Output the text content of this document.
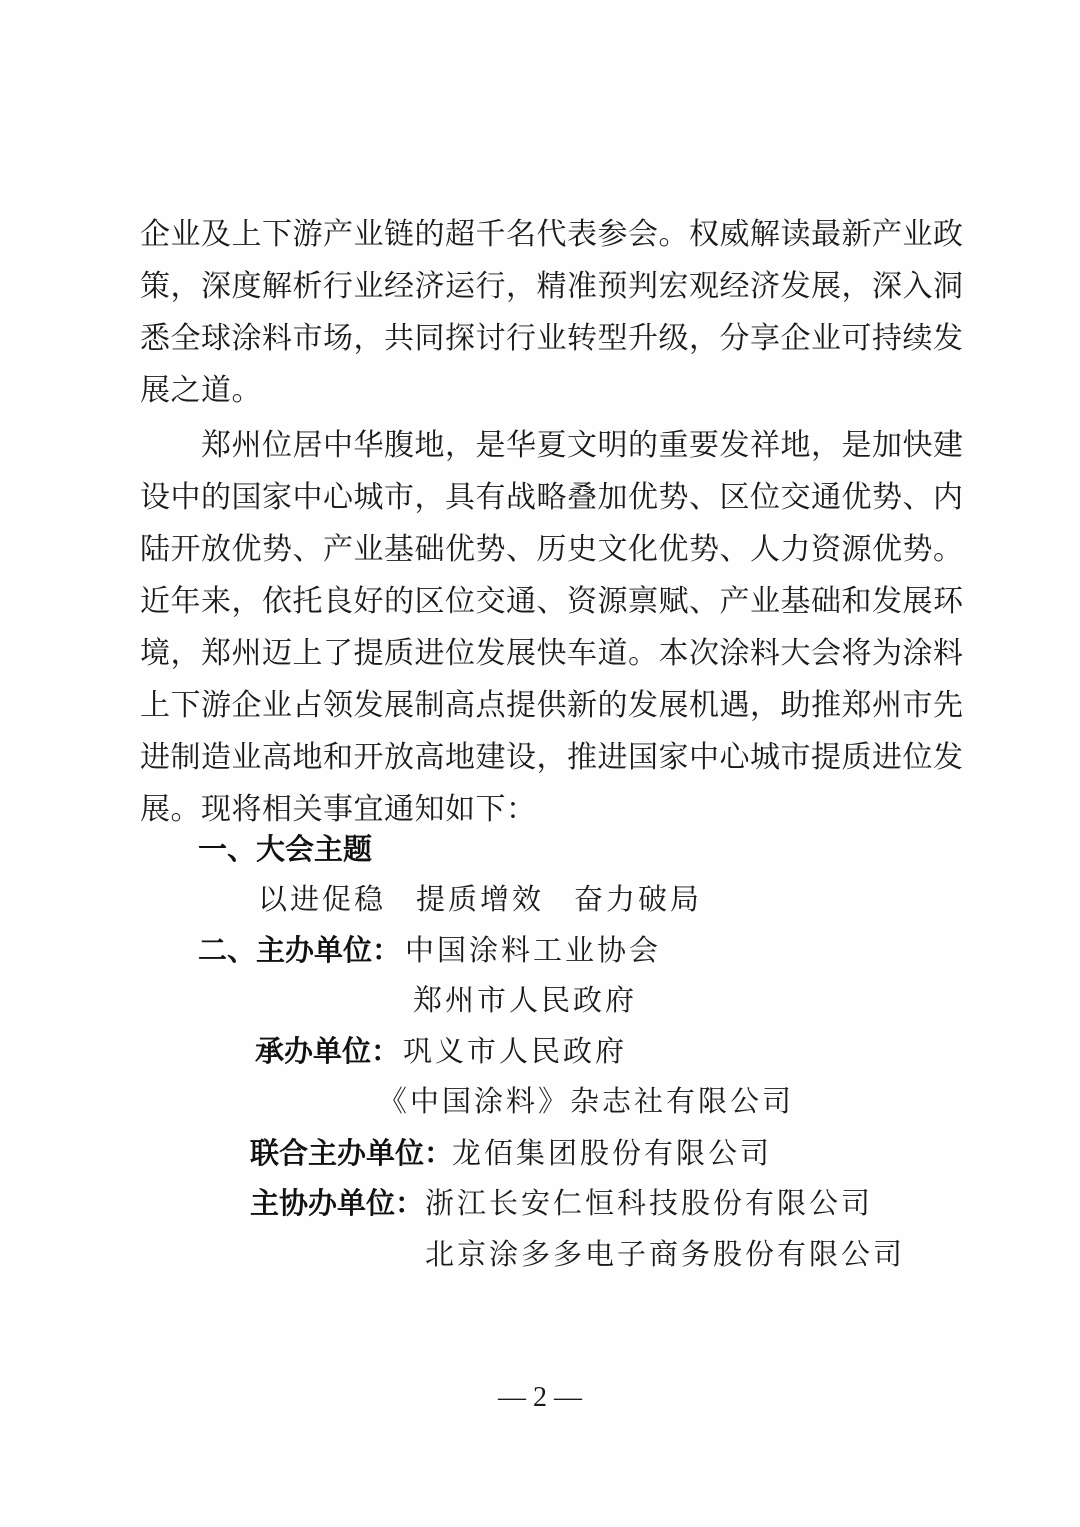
企业及上下游产业链的超千名代表参会。权威解读最新产业政
策，深度解析行业经济运行，精准预判宏观经济发展，深入洞
悉全球涂料市场，共同探讨行业转型升级，分享企业可持续发
展之道。
　　郑州位居中华腹地，是华夏文明的重要发祥地，是加快建
设中的国家中心城市，具有战略叠加优势、区位交通优势、内
陆开放优势、产业基础优势、历史文化优势、人力资源优势。
近年来，依托良好的区位交通、资源禀赋、产业基础和发展环
境，郑州迈上了提质进位发展快车道。本次涂料大会将为涂料
上下游企业占领发展制高点提供新的发展机遇，助推郑州市先
进制造业高地和开放高地建设，推进国家中心城市提质进位发
展。现将相关事宜通知如下：
一、大会主题
以进促稳 提质增效 奋力破局
二、主办单位： 中国涂料工业协会
郑州市人民政府
承办单位： 巩义市人民政府
《中国涂料》杂志社有限公司
联合主办单位：
龙佰集团股份有限公司
主协办单位： 浙江长安仁恒科技股份有限公司
北京涂多多电子商务股份有限公司
— 2 —
